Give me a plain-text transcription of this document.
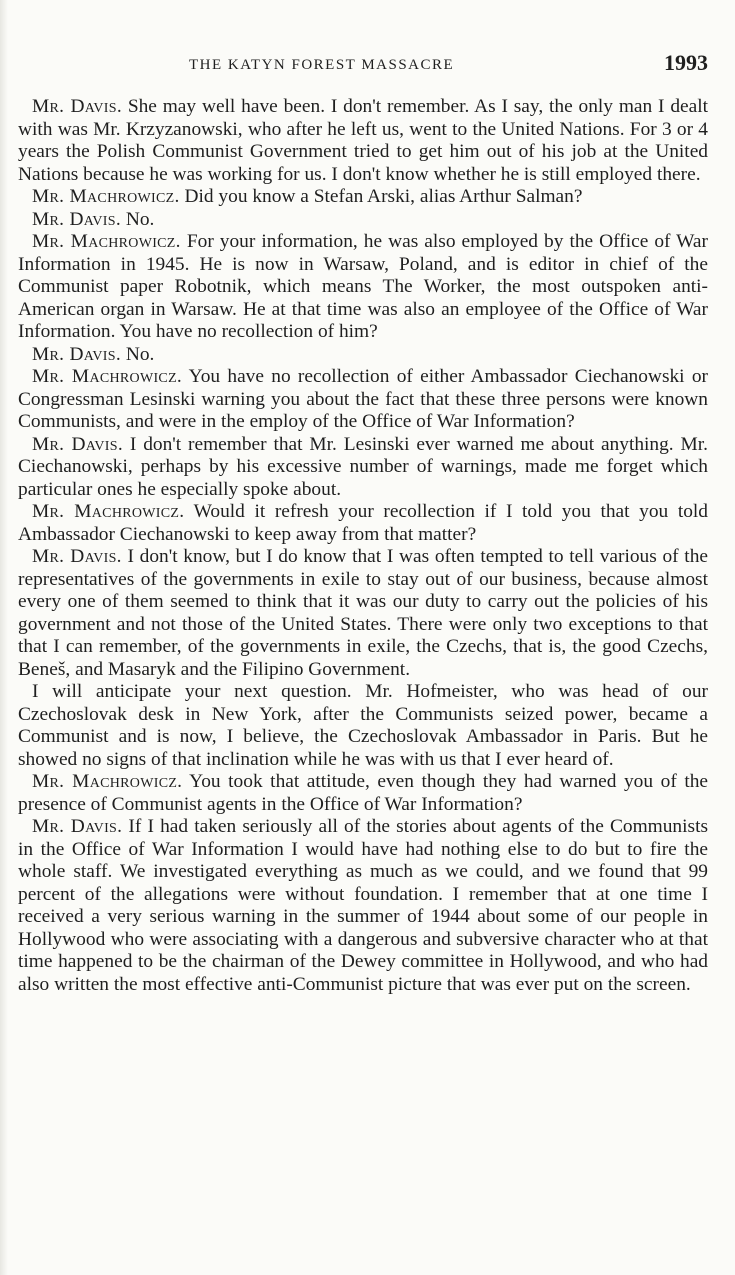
THE KATYN FOREST MASSACRE	1993

Mr. Davis. She may well have been. I don't remember. As I say, the only man I dealt with was Mr. Krzyzanowski, who after he left us, went to the United Nations. For 3 or 4 years the Polish Communist Government tried to get him out of his job at the United Nations because he was working for us. I don't know whether he is still employed there.

Mr. Machrowicz. Did you know a Stefan Arski, alias Arthur Salman?

Mr. Davis. No.

Mr. Machrowicz. For your information, he was also employed by the Office of War Information in 1945. He is now in Warsaw, Poland, and is editor in chief of the Communist paper Robotnik, which means The Worker, the most outspoken anti-American organ in Warsaw. He at that time was also an employee of the Office of War Information. You have no recollection of him?

Mr. Davis. No.

Mr. Machrowicz. You have no recollection of either Ambassador Ciechanowski or Congressman Lesinski warning you about the fact that these three persons were known Communists, and were in the employ of the Office of War Information?

Mr. Davis. I don't remember that Mr. Lesinski ever warned me about anything. Mr. Ciechanowski, perhaps by his excessive number of warnings, made me forget which particular ones he especially spoke about.

Mr. Machrowicz. Would it refresh your recollection if I told you that you told Ambassador Ciechanowski to keep away from that matter?

Mr. Davis. I don't know, but I do know that I was often tempted to tell various of the representatives of the governments in exile to stay out of our business, because almost every one of them seemed to think that it was our duty to carry out the policies of his government and not those of the United States. There were only two exceptions to that that I can remember, of the governments in exile, the Czechs, that is, the good Czechs, Beneš, and Masaryk and the Filipino Government.

I will anticipate your next question. Mr. Hofmeister, who was head of our Czechoslovak desk in New York, after the Communists seized power, became a Communist and is now, I believe, the Czechoslovak Ambassador in Paris. But he showed no signs of that inclination while he was with us that I ever heard of.

Mr. Machrowicz. You took that attitude, even though they had warned you of the presence of Communist agents in the Office of War Information?

Mr. Davis. If I had taken seriously all of the stories about agents of the Communists in the Office of War Information I would have had nothing else to do but to fire the whole staff. We investigated everything as much as we could, and we found that 99 percent of the allegations were without foundation. I remember that at one time I received a very serious warning in the summer of 1944 about some of our people in Hollywood who were associating with a dangerous and subversive character who at that time happened to be the chairman of the Dewey committee in Hollywood, and who had also written the most effective anti-Communist picture that was ever put on the screen.
